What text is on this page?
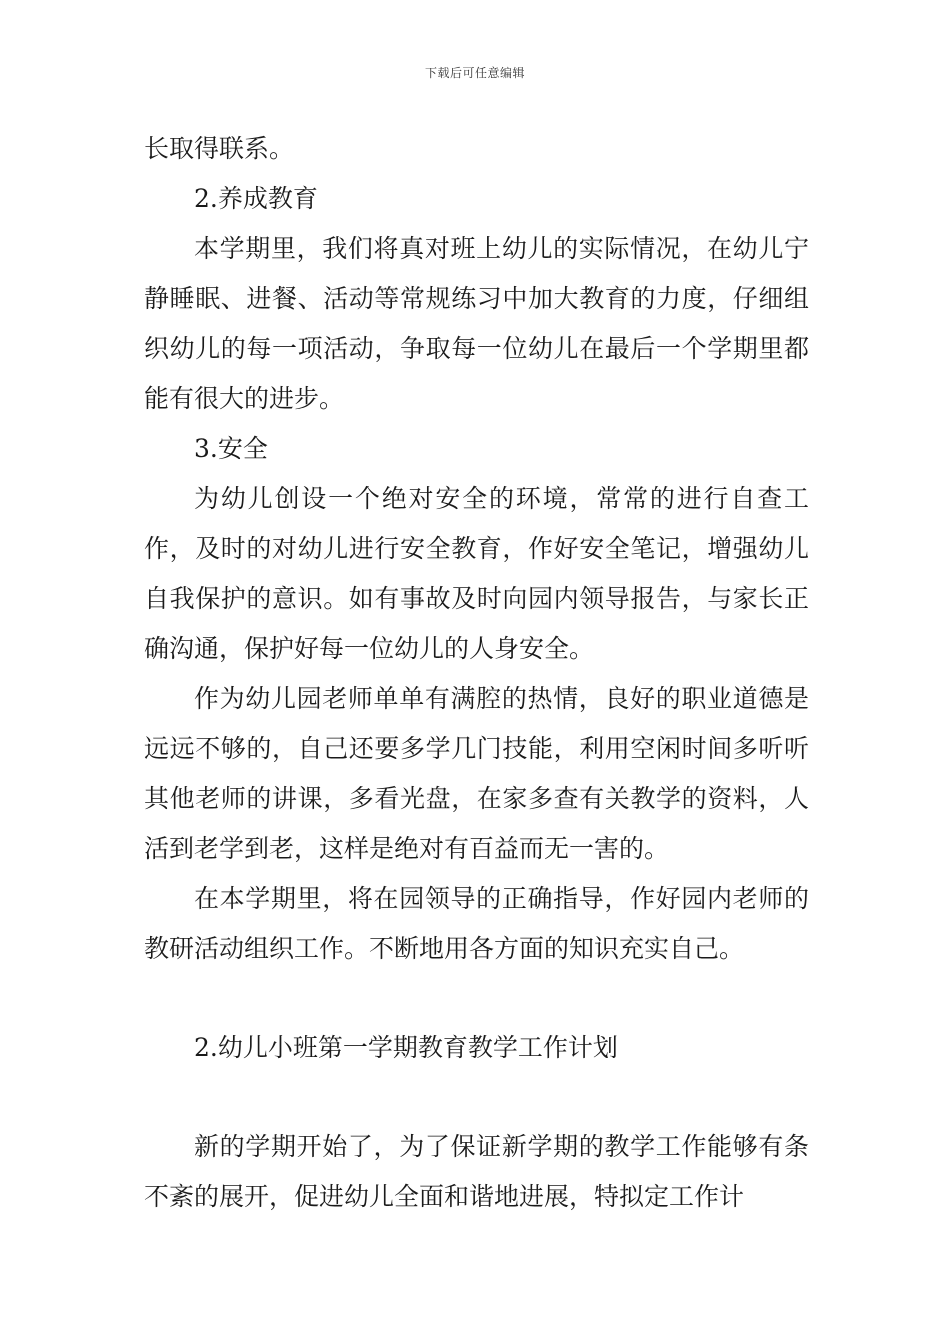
下载后可任意编辑

长取得联系。

2.养成教育

本学期里，我们将真对班上幼儿的实际情况，在幼儿宁静睡眠、进餐、活动等常规练习中加大教育的力度，仔细组织幼儿的每一项活动，争取每一位幼儿在最后一个学期里都能有很大的进步。

3.安全

为幼儿创设一个绝对安全的环境，常常的进行自查工作，及时的对幼儿进行安全教育，作好安全笔记，增强幼儿自我保护的意识。如有事故及时向园内领导报告，与家长正确沟通，保护好每一位幼儿的人身安全。

作为幼儿园老师单单有满腔的热情，良好的职业道德是远远不够的，自己还要多学几门技能，利用空闲时间多听听其他老师的讲课，多看光盘，在家多查有关教学的资料，人活到老学到老，这样是绝对有百益而无一害的。

在本学期里，将在园领导的正确指导，作好园内老师的教研活动组织工作。不断地用各方面的知识充实自己。

2.幼儿小班第一学期教育教学工作计划

新的学期开始了，为了保证新学期的教学工作能够有条不紊的展开，促进幼儿全面和谐地进展，特拟定工作计
